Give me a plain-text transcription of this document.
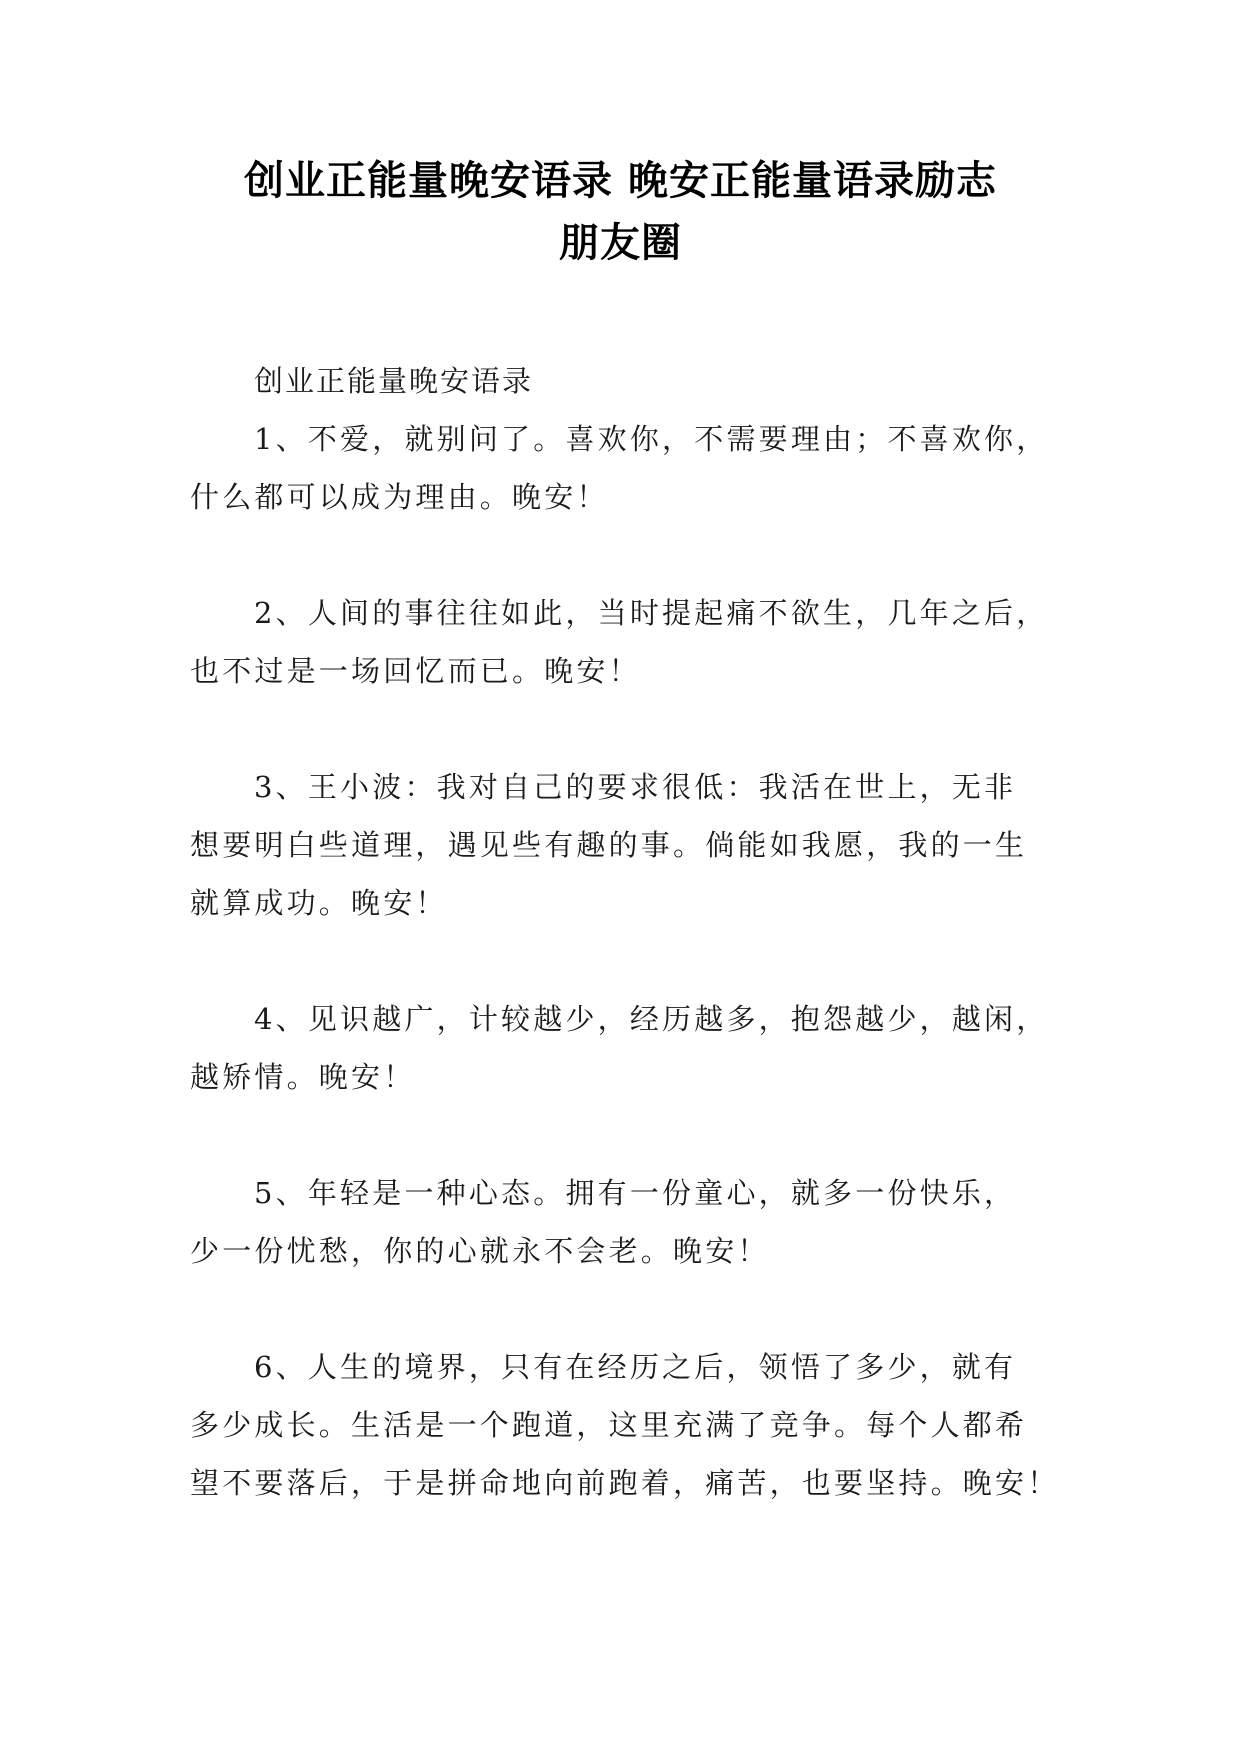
创业正能量晚安语录 晚安正能量语录励志
朋友圈

创业正能量晚安语录

1、不爱，就别问了。喜欢你，不需要理由；不喜欢你，
什么都可以成为理由。晚安！

2、人间的事往往如此，当时提起痛不欲生，几年之后，
也不过是一场回忆而已。晚安！

3、王小波：我对自己的要求很低：我活在世上，无非
想要明白些道理，遇见些有趣的事。倘能如我愿，我的一生
就算成功。晚安！

4、见识越广，计较越少，经历越多，抱怨越少，越闲，
越矫情。晚安！

5、年轻是一种心态。拥有一份童心，就多一份快乐，
少一份忧愁，你的心就永不会老。晚安！

6、人生的境界，只有在经历之后，领悟了多少，就有
多少成长。生活是一个跑道，这里充满了竞争。每个人都希
望不要落后，于是拼命地向前跑着，痛苦，也要坚持。晚安！
